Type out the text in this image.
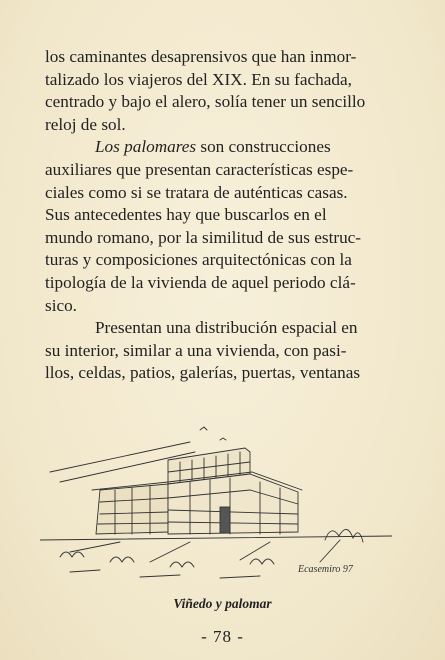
los caminantes desaprensivos que han inmor-
talizado los viajeros del XIX. En su fachada,
centrado y bajo el alero, solía tener un sencillo
reloj de sol.

Los palomares son construcciones
auxiliares que presentan características espe-
ciales como si se tratara de auténticas casas.
Sus antecedentes hay que buscarlos en el
mundo romano, por la similitud de sus estruc-
turas y composiciones arquitectónicas con la
tipología de la vivienda de aquel periodo clá-
sico.

Presentan una distribución espacial en
su interior, similar a una vivienda, con pasi-
llos, celdas, patios, galerías, puertas, ventanas

Ecasemiro 97
Viñedo y palomar
- 78 -
